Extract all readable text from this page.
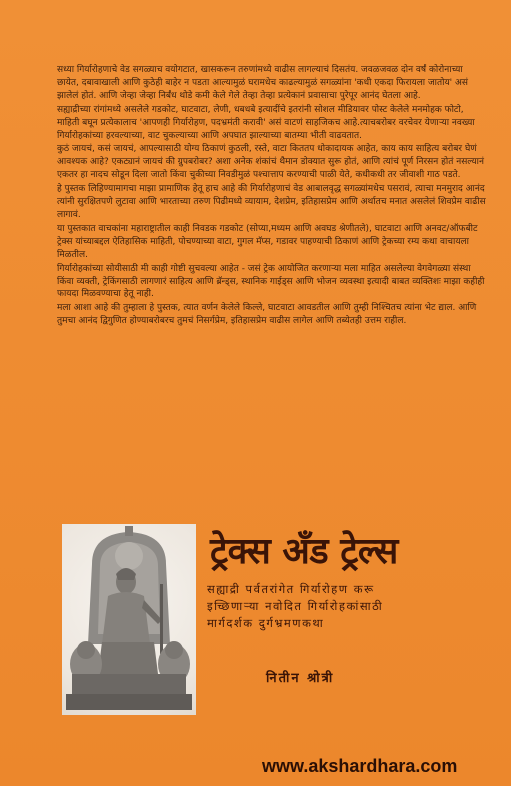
सध्या गिर्यारोहणाचे वेड सगळ्याच वयोगटात, खासकरून तरुणांमध्ये वाढीस लागल्याचं दिसतंय. जवळजवळ दोन वर्षं कोरोनाच्या छायेत, दबावाखाली आणि कुठेही बाहेर न पडता आल्यामुळं घरामधेच काढल्यामुळं सगळ्यांना 'कधी एकदा फिरायला जातोय' असं झालेलं होतं. आणि जेव्हा जेव्हा निर्बंध थोडे कमी केले गेले तेव्हा तेव्हा प्रत्येकानं प्रवासाचा पुरेपूर आनंद घेतला आहे.

सह्याद्रीच्या रांगांमध्ये असलेले गडकोट, घाटवाटा, लेणी, धबधबे इत्यादींचे इतरांनी सोशल मीडियावर पोस्ट केलेले मनमोहक फोटो, माहिती बघून प्रत्येकालाच 'आपणही गिर्यारोहण, पदभ्रमंती करावी' असं वाटणं साहजिकच आहे.त्याचबरोबर वरचेवर येणाऱ्या नवख्या गिर्यारोहकांच्या हरवल्याच्या, वाट चुकल्याच्या आणि अपघात झाल्याच्या बातम्या भीती वाढवतात.

कुठं जायचं, कसं जायचं, आपल्यासाठी योग्य ठिकाणं कुठली, रस्ते, वाटा किततप धोकादायक आहेत, काय काय साहित्य बरोबर घेणं आवश्यक आहे? एकट्यानं जायचं की ग्रुपबरोबर? अशा अनेक शंकांचं थैमान डोक्यात सुरू होतं, आणि त्यांचं पूर्ण निरसन होतं नसल्यानं एकतर हा नादच सोडून दिला जातो किंवा चुकीच्या निवडीमुळं पश्चात्ताप करण्याची पाळी येते, कधीकधी तर जीवाशी गाठ पडते.

हे पुस्तक लिहिण्यामागचा माझा प्रामाणिक हेतू हाच आहे की गिर्यारोहणाचं वेड आबालवृद्ध सगळ्यांमधेच पसरावं, त्याचा मनमुराद आनंद त्यांनी सुरक्षितपणे लुटावा आणि भारताच्या तरुण पिढीमध्ये व्यायाम, देशप्रेम, इतिहासप्रेम आणि अर्थातच मनात असलेलं शिवप्रेम वाढीस लागावं.

या पुस्तकात वाचकांना महाराष्ट्रातील काही निवडक गडकोट (सोप्या,मध्यम आणि अवघड श्रेणीतले), घाटवाटा आणि अनवट/ऑफबीट ट्रेक्स यांच्याबद्दल ऐतिहासिक माहिती, पोचण्याच्या वाटा, गुगल मॅप्स, गडावर पाहण्याची ठिकाणं आणि ट्रेकच्या रम्य कथा वाचायला मिळतील.

गिर्यारोहकांच्या सोयीसाठी मी काही गोष्टी सुचवल्या आहेत - जसं ट्रेक आयोजित करणाऱ्या मला माहित असलेल्या वेगवेगळ्या संस्था किंवा व्यक्ती, ट्रेकिंगसाठी लागणारं साहित्य आणि ब्रॅन्ड्स, स्थानिक गाईड्स आणि भोजन व्यवस्था इत्यादी बाबत व्यक्तिशः माझा कहीही फायदा मिळवण्याचा हेतू नाही.

मला आशा आहे की तुम्हाला हे पुस्तक, त्यात वर्णन केलेले किल्ले, घाटवाटा आवडतील आणि तुम्ही निश्चितच त्यांना भेट द्याल. आणि तुमचा आनंद द्विगुणित होण्याबरोबरच तुमचं निसर्गप्रेम, इतिहासप्रेम वाढीस लागेल आणि तब्येतही उत्तम राहील.

ट्रेक्स अँड ट्रेल्स
सह्याद्री पर्वतरांगेत गिर्यारोहण करू
इच्छिणाऱ्या नवोदित गिर्यारोहकांसाठी
मार्गदर्शक दुर्गभ्रमणकथा
नितीन श्रोत्री
www.akshardhara.com
